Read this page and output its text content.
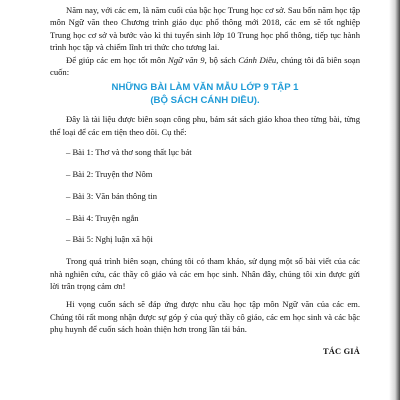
Năm nay, với các em, là năm cuối của bậc học Trung học cơ sở. Sau bốn năm học tập môn Ngữ văn theo Chương trình giáo dục phổ thông mới 2018, các em sẽ tốt nghiệp Trung học cơ sở và bước vào kì thi tuyển sinh lớp 10 Trung học phổ thông, tiếp tục hành trình học tập và chiếm lĩnh tri thức cho tương lai.
Để giúp các em học tốt môn Ngữ văn 9, bộ sách Cánh Diều, chúng tôi đã biên soạn cuốn:
NHỮNG BÀI LÀM VĂN MẪU LỚP 9 TẬP 1
(BỘ SÁCH CÁNH DIỀU).
Đây là tài liệu được biên soạn công phu, bám sát sách giáo khoa theo từng bài, từng thể loại để các em tiện theo dõi. Cụ thể:
– Bài 1: Thơ và thơ song thất lục bát
– Bài 2: Truyện thơ Nôm
– Bài 3: Văn bản thông tin
– Bài 4: Truyện ngắn
– Bài 5: Nghị luận xã hội
Trong quá trình biên soạn, chúng tôi có tham khảo, sử dụng một số bài viết của các nhà nghiên cứu, các thầy cô giáo và các em học sinh. Nhân đây, chúng tôi xin được gửi lời trân trọng cảm ơn!
Hi vọng cuốn sách sẽ đáp ứng được nhu cầu học tập môn Ngữ văn của các em. Chúng tôi rất mong nhận được sự góp ý của quý thầy cô giáo, các em học sinh và các bậc phụ huynh để cuốn sách hoàn thiện hơn trong lần tái bản.
TÁC GIẢ
